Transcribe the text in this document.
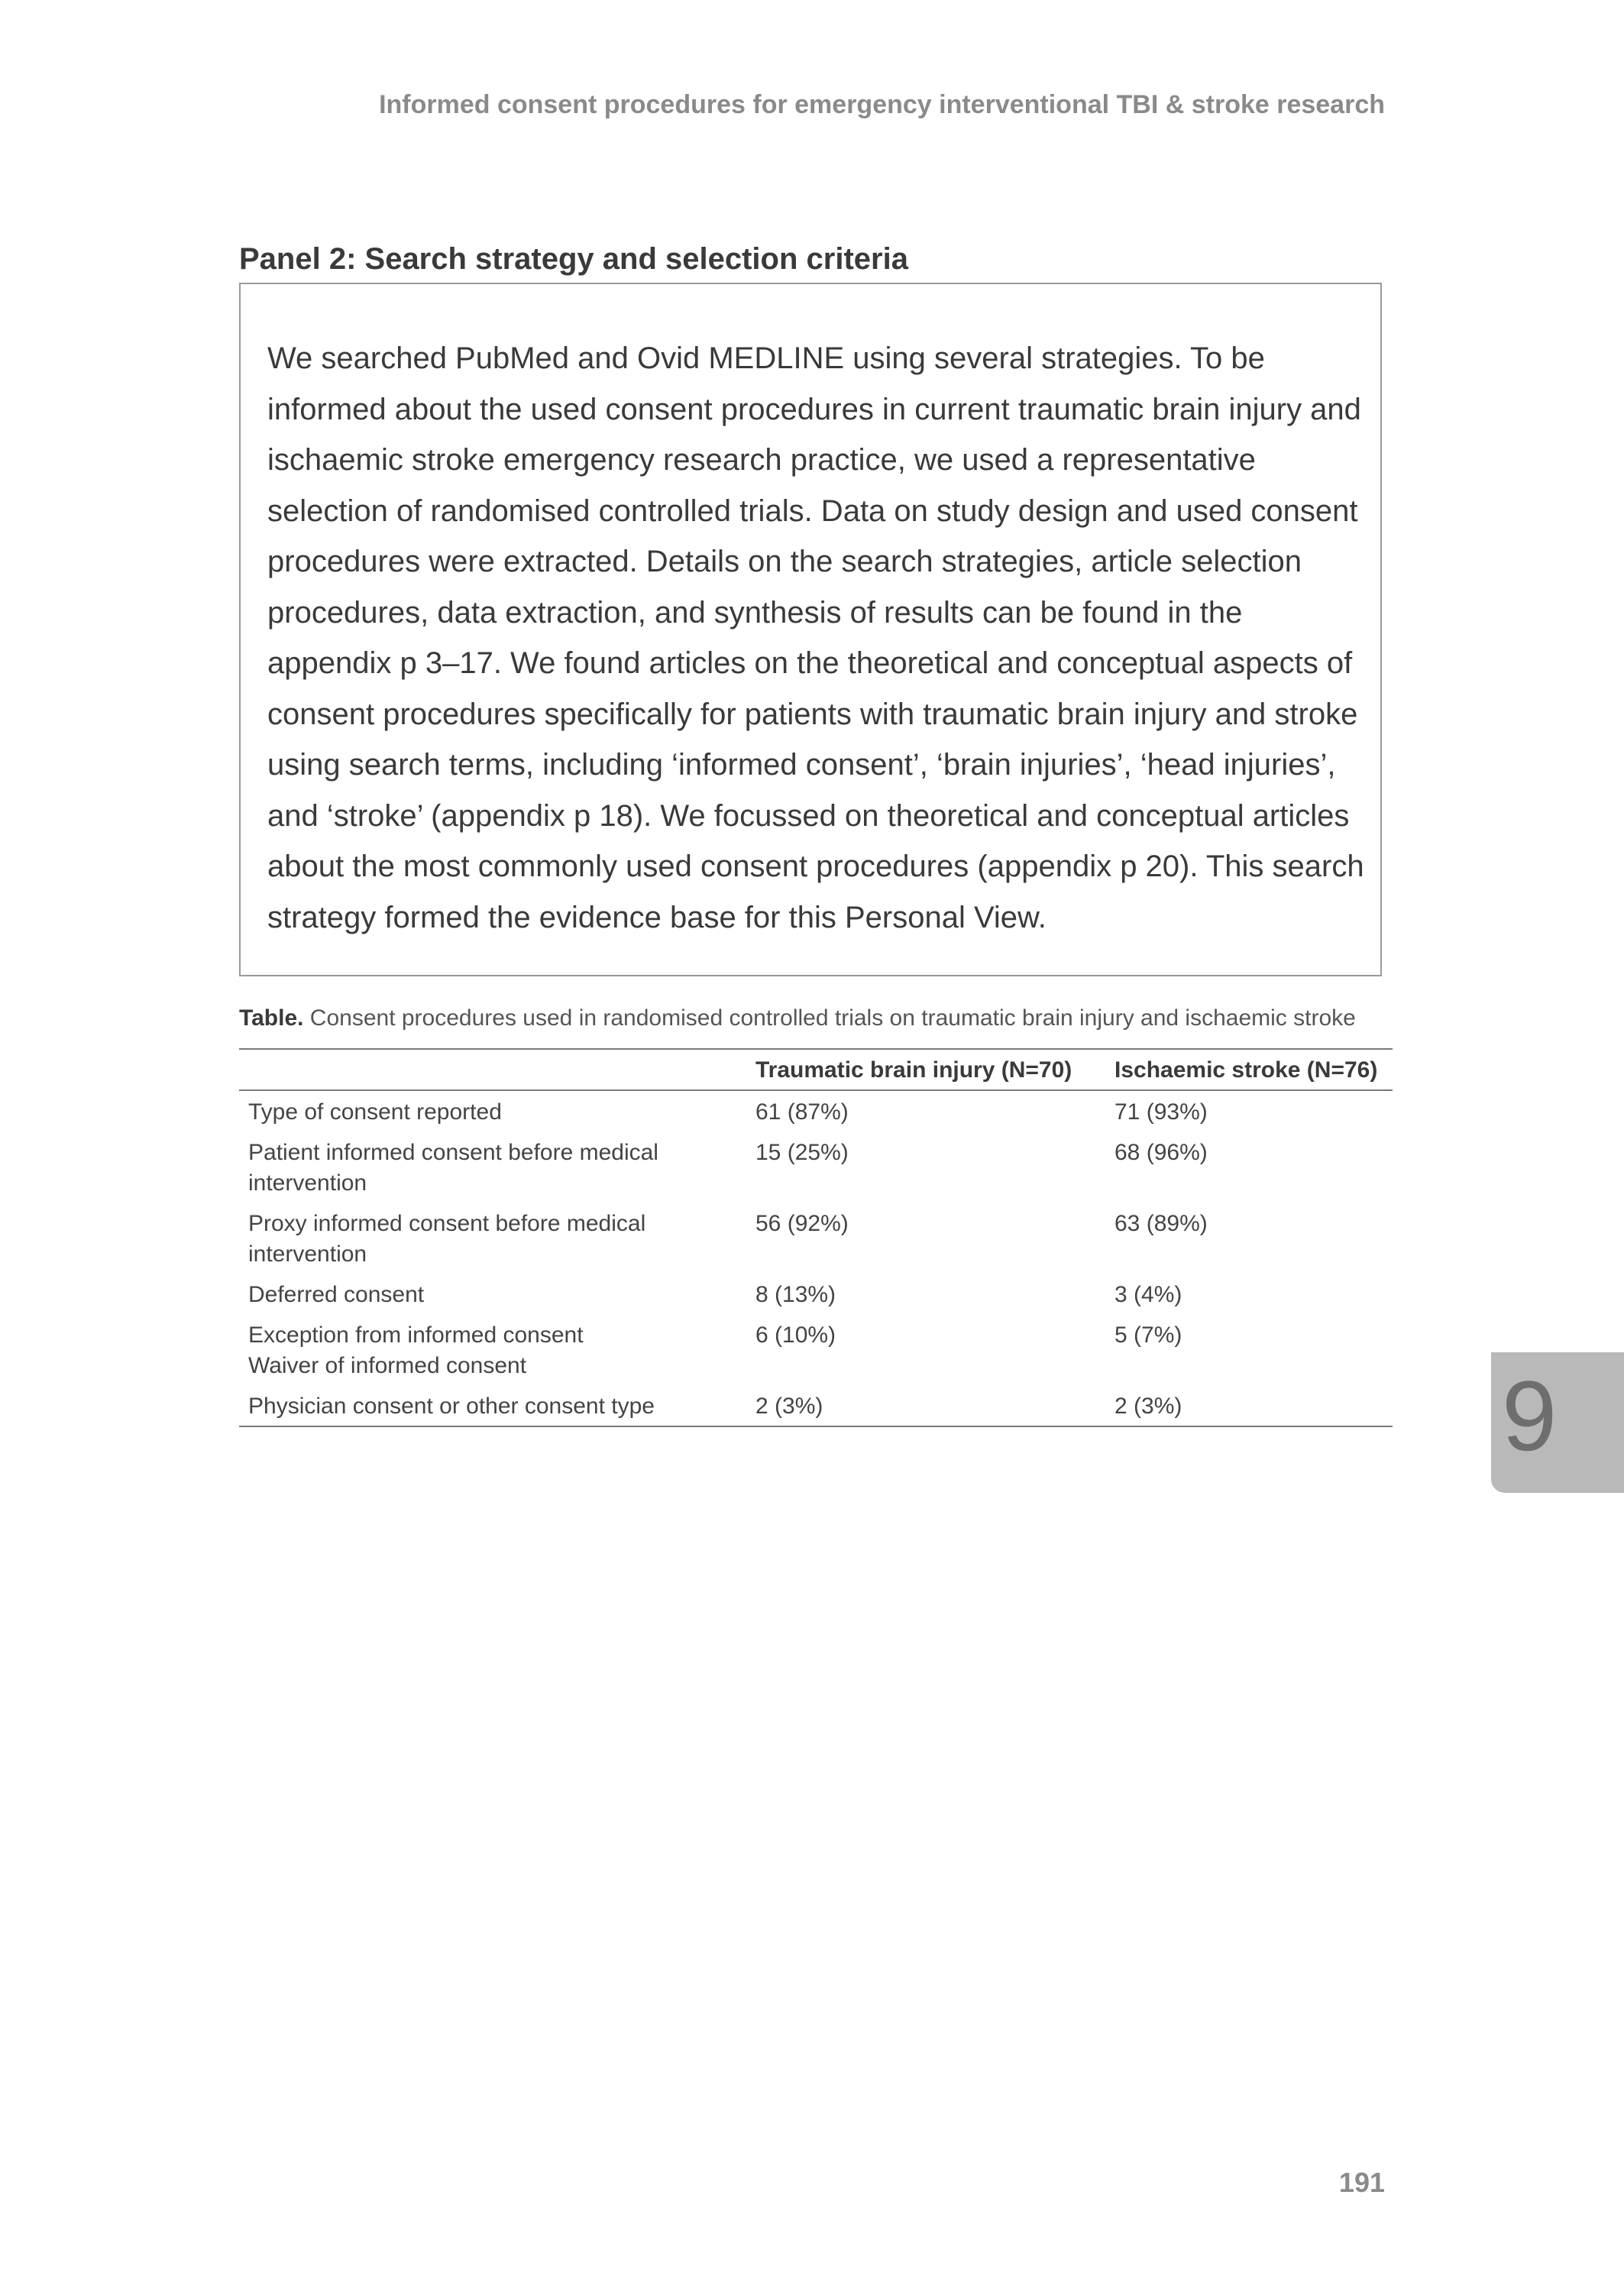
Informed consent procedures for emergency interventional TBI & stroke research
Panel 2: Search strategy and selection criteria
We searched PubMed and Ovid MEDLINE using several strategies. To be informed about the used consent procedures in current traumatic brain injury and ischaemic stroke emergency research practice, we used a representative selection of randomised controlled trials. Data on study design and used consent procedures were extracted. Details on the search strategies, article selection procedures, data extraction, and synthesis of results can be found in the appendix p 3–17. We found articles on the theoretical and conceptual aspects of consent procedures specifically for patients with traumatic brain injury and stroke using search terms, including ‘informed consent’, ‘brain injuries’, ‘head injuries’, and ‘stroke’ (appendix p 18). We focussed on theoretical and conceptual articles about the most commonly used consent procedures (appendix p 20). This search strategy formed the evidence base for this Personal View.
Table. Consent procedures used in randomised controlled trials on traumatic brain injury and ischaemic stroke
	Traumatic brain injury (N=70)	Ischaemic stroke (N=76)

Type of consent reported	61 (87%)	71 (93%)

Patient informed consent before medical
intervention	15 (25%)	68 (96%)

Proxy informed consent before medical
intervention	56 (92%)	63 (89%)

Deferred consent	8 (13%)	3 (4%)

Exception from informed consent
Waiver of informed consent	6 (10%)	5 (7%)

Physician consent or other consent type	2 (3%)	2 (3%)	9
191
